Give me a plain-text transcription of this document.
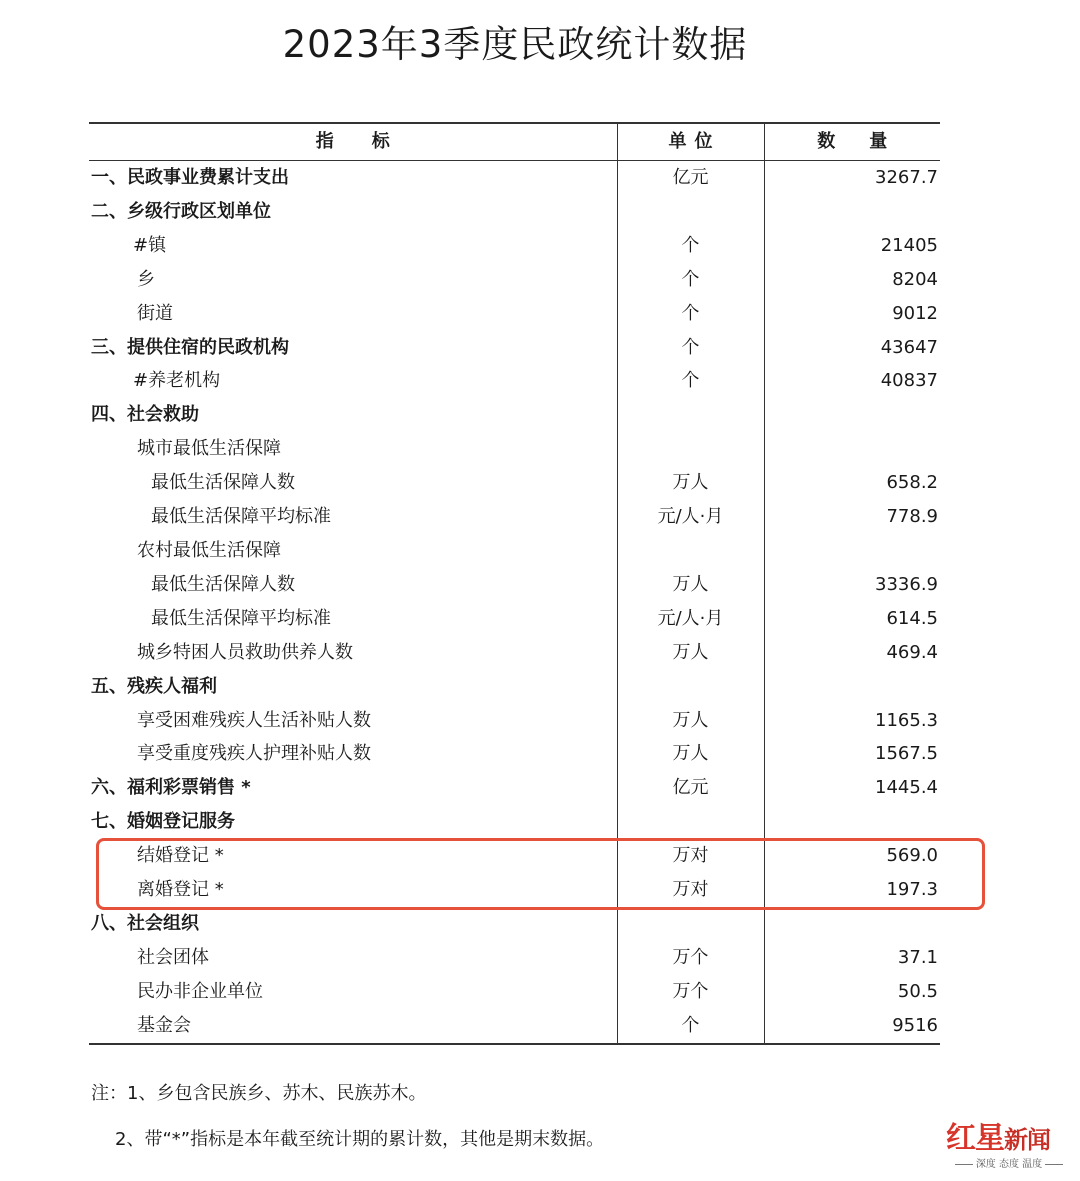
2023年3季度民政统计数据
指标	单位	数量
一、民政事业费累计支出	亿元	3267.7
二、乡级行政区划单位		
#镇	个	21405
乡	个	8204
街道	个	9012
三、提供住宿的民政机构	个	43647
#养老机构	个	40837
四、社会救助		
城市最低生活保障		
最低生活保障人数	万人	658.2
最低生活保障平均标准	元/人·月	778.9
农村最低生活保障		
最低生活保障人数	万人	3336.9
最低生活保障平均标准	元/人·月	614.5
城乡特困人员救助供养人数	万人	469.4
五、残疾人福利		
享受困难残疾人生活补贴人数	万人	1165.3
享受重度残疾人护理补贴人数	万人	1567.5
六、福利彩票销售 *	亿元	1445.4
七、婚姻登记服务		
结婚登记 *	万对	569.0
离婚登记 *	万对	197.3
八、社会组织		
社会团体	万个	37.1
民办非企业单位	万个	50.5
基金会	个	9516
注：1、乡包含民族乡、苏木、民族苏木。
2、带“*”指标是本年截至统计期的累计数，其他是期末数据。	红星新闻
深度 态度 温度
